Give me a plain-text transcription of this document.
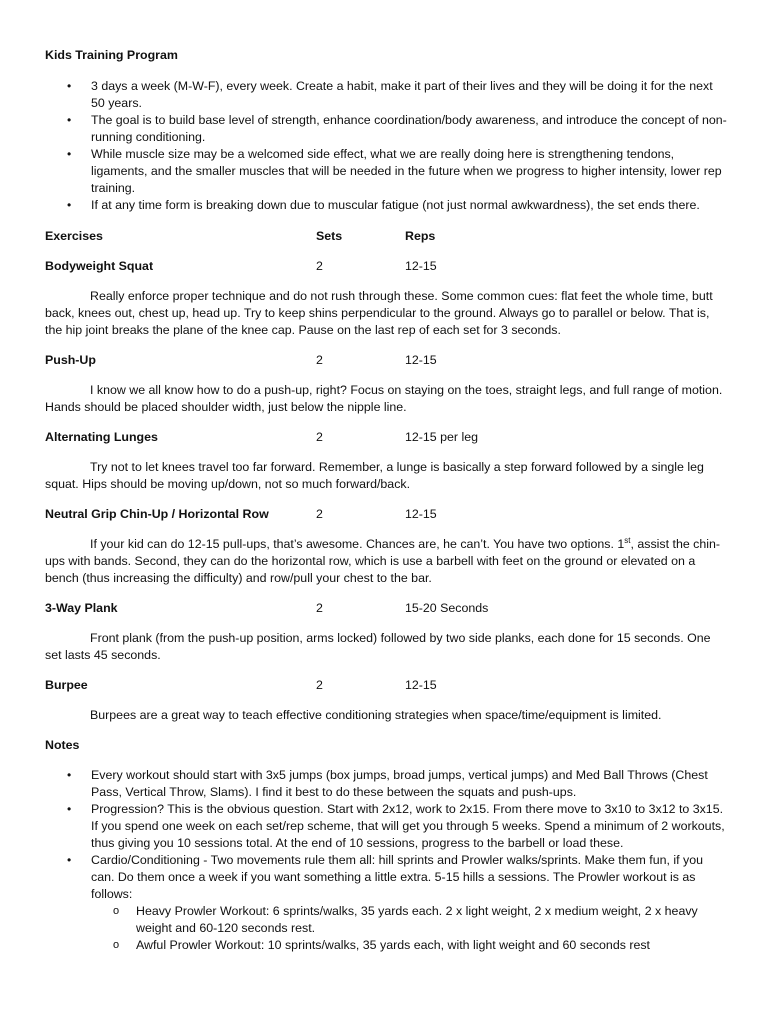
Kids Training Program
• 3 days a week (M-W-F), every week. Create a habit, make it part of their lives and they will be doing it for the next 50 years.
• The goal is to build base level of strength, enhance coordination/body awareness, and introduce the concept of non-running conditioning.
• While muscle size may be a welcomed side effect, what we are really doing here is strengthening tendons, ligaments, and the smaller muscles that will be needed in the future when we progress to higher intensity, lower rep training.
• If at any time form is breaking down due to muscular fatigue (not just normal awkwardness), the set ends there.
Exercises	Sets	Reps
Bodyweight Squat	2	12-15

Really enforce proper technique and do not rush through these. Some common cues: flat feet the whole time, butt back, knees out, chest up, head up. Try to keep shins perpendicular to the ground. Always go to parallel or below. That is, the hip joint breaks the plane of the knee cap. Pause on the last rep of each set for 3 seconds.

Push-Up	2	12-15

I know we all know how to do a push-up, right? Focus on staying on the toes, straight legs, and full range of motion. Hands should be placed shoulder width, just below the nipple line.

Alternating Lunges	2	12-15 per leg

Try not to let knees travel too far forward. Remember, a lunge is basically a step forward followed by a single leg squat. Hips should be moving up/down, not so much forward/back.

Neutral Grip Chin-Up / Horizontal Row	2	12-15

If your kid can do 12-15 pull-ups, that’s awesome. Chances are, he can’t. You have two options. 1st, assist the chin-ups with bands. Second, they can do the horizontal row, which is use a barbell with feet on the ground or elevated on a bench (thus increasing the difficulty) and row/pull your chest to the bar.

3-Way Plank	2	15-20 Seconds

Front plank (from the push-up position, arms locked) followed by two side planks, each done for 15 seconds. One set lasts 45 seconds.

Burpee	2	12-15

Burpees are a great way to teach effective conditioning strategies when space/time/equipment is limited.

Notes
• Every workout should start with 3x5 jumps (box jumps, broad jumps, vertical jumps) and Med Ball Throws (Chest Pass, Vertical Throw, Slams). I find it best to do these between the squats and push-ups.
• Progression? This is the obvious question. Start with 2x12, work to 2x15. From there move to 3x10 to 3x12 to 3x15. If you spend one week on each set/rep scheme, that will get you through 5 weeks. Spend a minimum of 2 workouts, thus giving you 10 sessions total. At the end of 10 sessions, progress to the barbell or load these.
• Cardio/Conditioning - Two movements rule them all: hill sprints and Prowler walks/sprints. Make them fun, if you can. Do them once a week if you want something a little extra. 5-15 hills a sessions. The Prowler workout is as follows:
o Heavy Prowler Workout: 6 sprints/walks, 35 yards each. 2 x light weight, 2 x medium weight, 2 x heavy weight and 60-120 seconds rest.
o Awful Prowler Workout: 10 sprints/walks, 35 yards each, with light weight and 60 seconds rest
